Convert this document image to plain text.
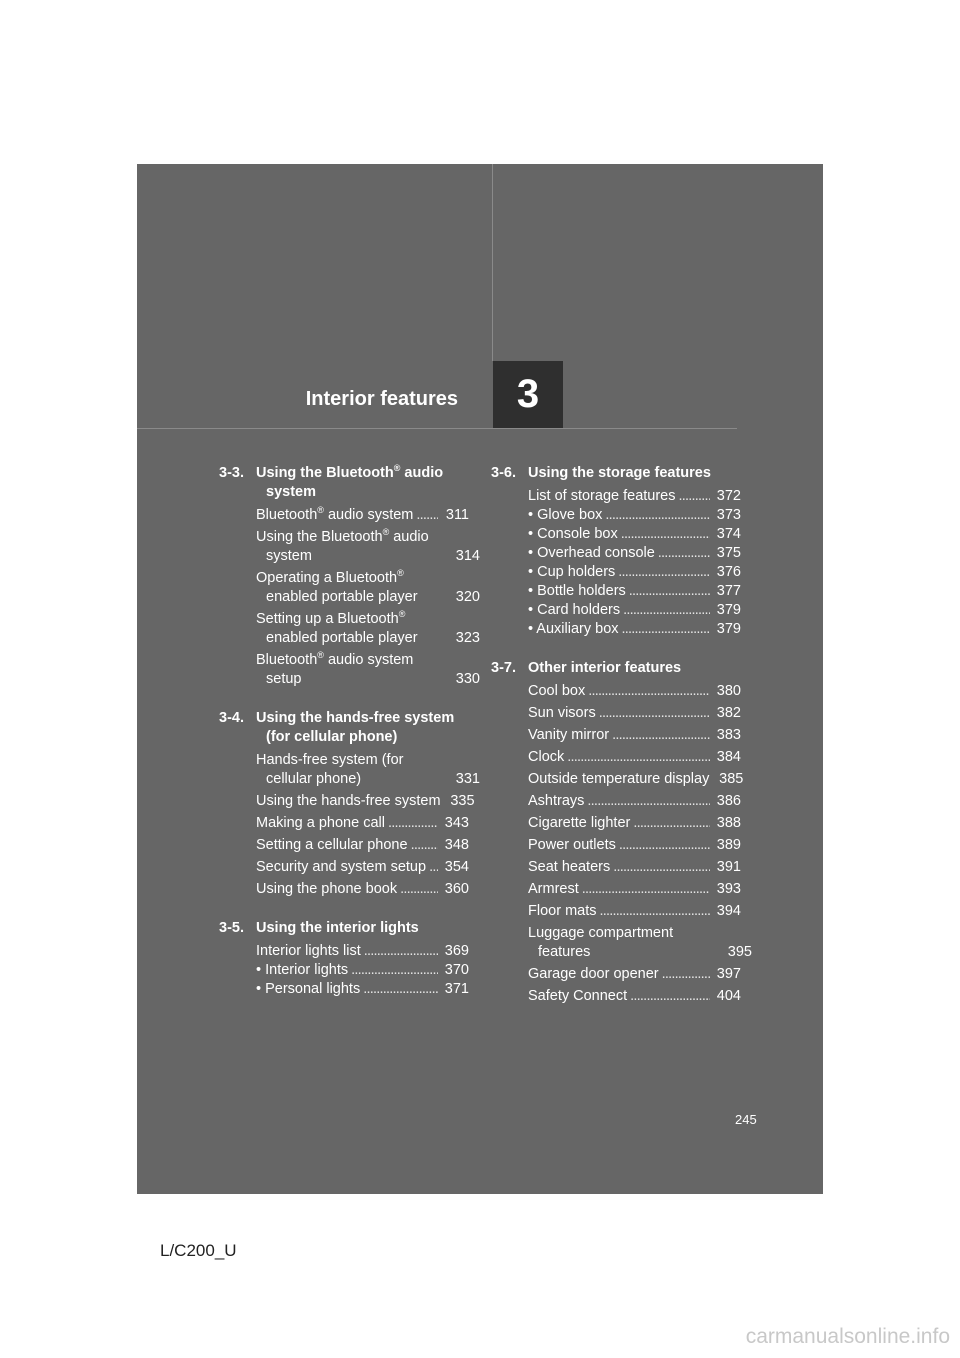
Interior features	3
3-3. Using the Bluetooth® audio system
Bluetooth® audio system . . .	311
Using the Bluetooth® audio system	314
Operating a Bluetooth® enabled portable player	320
Setting up a Bluetooth® enabled portable player	323
Bluetooth® audio system setup	330
3-4. Using the hands-free system (for cellular phone)
Hands-free system (for cellular phone)	331
Using the hands-free system 335
Making a phone call . . .	343
Setting a cellular phone . . .	348
Security and system setup . . . 354
Using the phone book . . .	360
3-5. Using the interior lights
Interior lights list . . .	369
• Interior lights . . .	370
• Personal lights . . .	371
3-6. Using the storage features
List of storage features . . .	372
• Glove box . . .	373
• Console box . . .	374
• Overhead console . . .	375
• Cup holders . . .	376
• Bottle holders . . .	377
• Card holders . . .	379
• Auxiliary box . . .	379
3-7. Other interior features
Cool box . . .	380
Sun visors . . .	382
Vanity mirror . . .	383
Clock . . .	384
Outside temperature display 385
Ashtrays . . .	386
Cigarette lighter . . .	388
Power outlets . . .	389
Seat heaters . . .	391
Armrest . . .	393
Floor mats . . .	394
Luggage compartment features	395
Garage door opener . . .	397
Safety Connect . . .	404
245
L/C200_U
carmanualsonline.info
